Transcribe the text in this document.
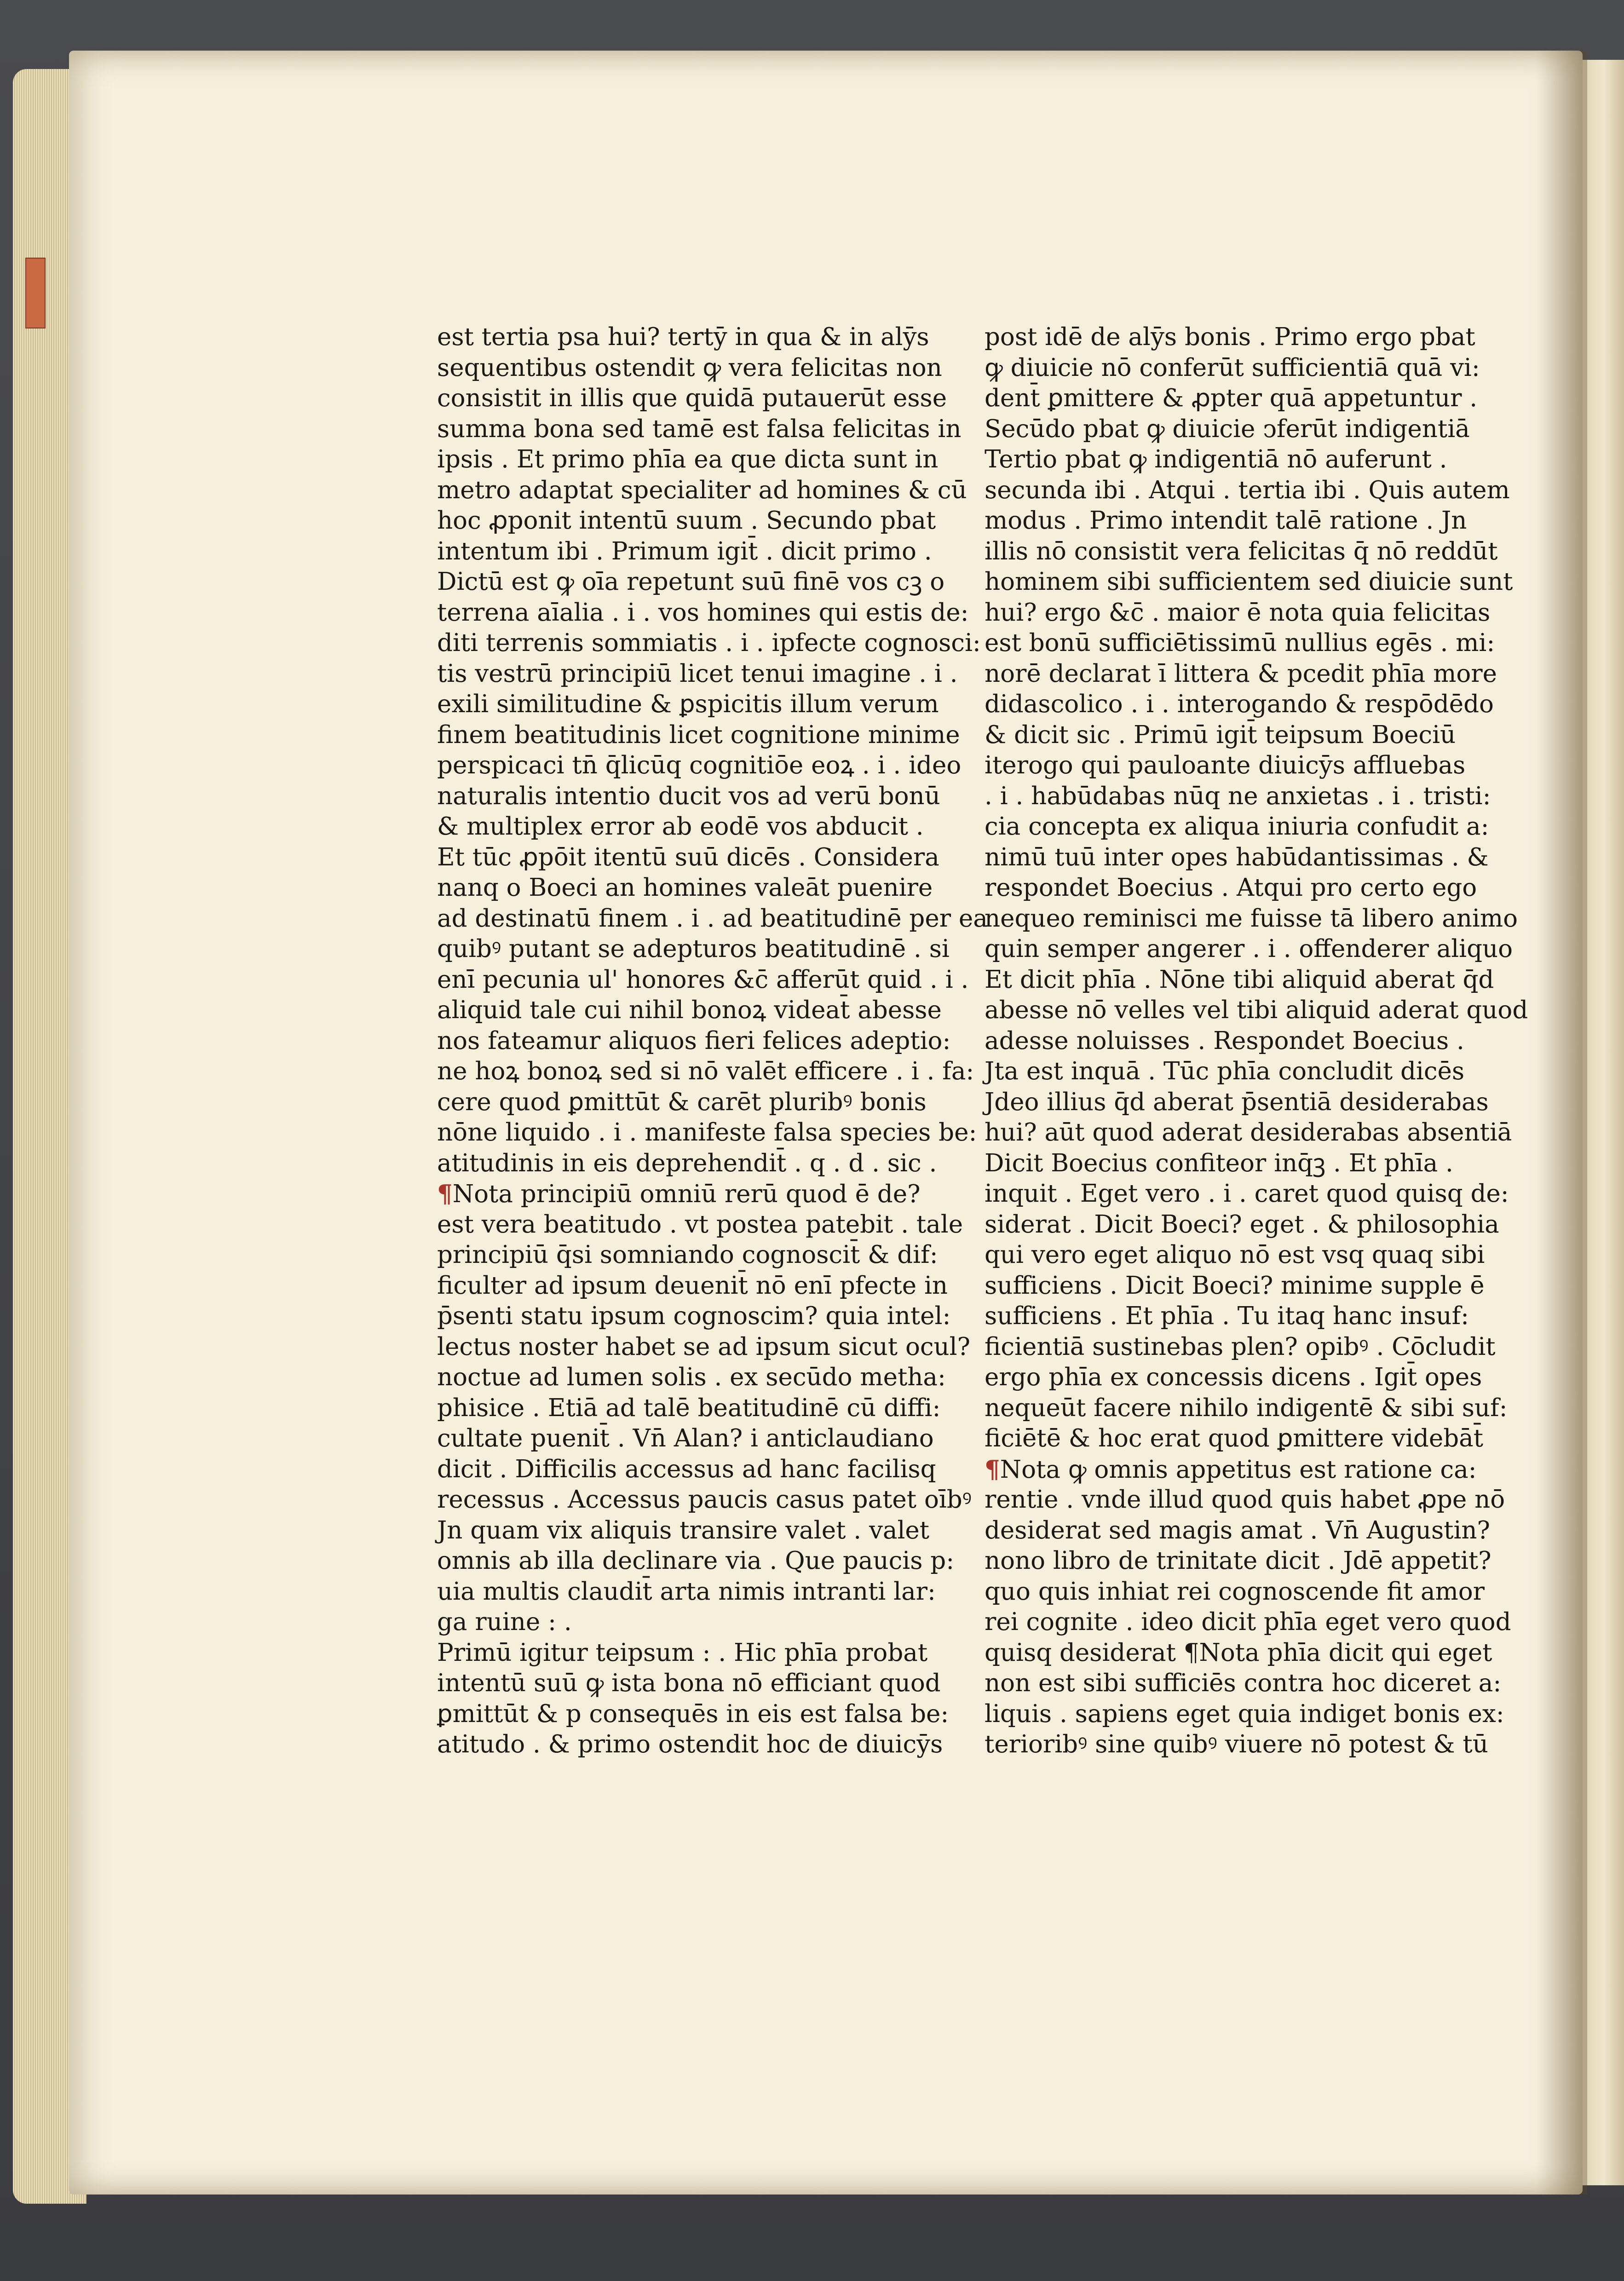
est tertia psa hui? tertȳ in qua & in alȳs
sequentibus ostendit ꝙ vera felicitas non
consistit in illis que quidā putauerūt esse
summa bona sed tamē est falsa felicitas in
ipsis . Et primo phīa ea que dicta sunt in
metro adaptat specialiter ad homines & cū
hoc ꝓponit intentū suum . Secundo pbat
intentum ibi . Primum igit̄ . dicit primo .
Dictū est ꝙ oīa repetunt suū finē vos cꝫ o
terrena aīalia . i . vos homines qui estis de:
diti terrenis sommiatis . i . ipfecte cognosci:
tis vestrū principiū licet tenui imagine . i .
exili similitudine & ꝑspicitis illum verum
finem beatitudinis licet cognitione minime
perspicaci tn̄ q̄licūq cognitiōe eoꝝ . i . ideo
naturalis intentio ducit vos ad verū bonū
& multiplex error ab eodē vos abducit .
Et tūc ꝓpōit itentū suū dicēs . Considera
nanq o Boeci an homines valeāt puenire
ad destinatū finem . i . ad beatitudinē per ea
quibꝰ putant se adepturos beatitudinē . si
enī pecunia ul' honores &c̄ afferūt quid . i .
aliquid tale cui nihil bonoꝝ videat̄ abesse
nos fateamur aliquos fieri felices adeptio:
ne hoꝝ bonoꝝ sed si nō valēt efficere . i . fa:
cere quod ꝑmittūt & carēt pluribꝰ bonis
nōne liquido . i . manifeste falsa species be:
atitudinis in eis deprehendit̄ . q . d . sic .
¶Nota principiū omniū rerū quod ē de?
est vera beatitudo . vt postea patebit . tale
principiū q̄si somniando cognoscit̄ & dif:
ficulter ad ipsum deuenit̄ nō enī pfecte in
p̄senti statu ipsum cognoscim? quia intel:
lectus noster habet se ad ipsum sicut ocul?
noctue ad lumen solis . ex secūdo metha:
phisice . Etiā ad talē beatitudinē cū diffi:
cultate puenit̄ . Vn̄ Alan? i anticlaudiano
dicit . Difficilis accessus ad hanc facilisq
recessus . Accessus paucis casus patet oībꝰ
Jn quam vix aliquis transire valet . valet
omnis ab illa declinare via . Que paucis p:
uia multis claudit̄ arta nimis intranti lar:
ga ruine : .
Primū igitur teipsum : . Hic phīa probat
intentū suū ꝙ ista bona nō efficiant quod
ꝑmittūt & p consequēs in eis est falsa be:
atitudo . & primo ostendit hoc de diuicȳs
post idē de alȳs bonis . Primo ergo pbat
ꝙ diuicie nō conferūt sufficientiā quā vi:
dent̄ ꝑmittere & ꝓpter quā appetuntur .
Secūdo pbat ꝙ diuicie ↄferūt indigentiā
Tertio pbat ꝙ indigentiā nō auferunt .
secunda ibi . Atqui . tertia ibi . Quis autem
modus . Primo intendit talē ratione . Jn
illis nō consistit vera felicitas q̄ nō reddūt
hominem sibi sufficientem sed diuicie sunt
hui? ergo &c̄ . maior ē nota quia felicitas
est bonū sufficiētissimū nullius egēs . mi:
norē declarat ī littera & pcedit phīa more
didascolico . i . interogando & respōdēdo
& dicit sic . Primū igit̄ teipsum Boeciū
iterogo qui pauloante diuicȳs affluebas
. i . habūdabas nūq ne anxietas . i . tristi:
cia concepta ex aliqua iniuria confudit a:
nimū tuū inter opes habūdantissimas . &
respondet Boecius . Atqui pro certo ego
nequeo reminisci me fuisse tā libero animo
quin semper angerer . i . offenderer aliquo
Et dicit phīa . Nōne tibi aliquid aberat q̄d
abesse nō velles vel tibi aliquid aderat quod
adesse noluisses . Respondet Boecius .
Jta est inquā . Tūc phīa concludit dicēs
Jdeo illius q̄d aberat p̄sentiā desiderabas
hui? aūt quod aderat desiderabas absentiā
Dicit Boecius confiteor inq̄ꝫ . Et phīa .
inquit . Eget vero . i . caret quod quisq de:
siderat . Dicit Boeci? eget . & philosophia
qui vero eget aliquo nō est vsq quaq sibi
sufficiens . Dicit Boeci? minime supple ē
sufficiens . Et phīa . Tu itaq hanc insuf:
ficientiā sustinebas plen? opibꝰ . Cōcludit
ergo phīa ex concessis dicens . Igit̄ opes
nequeūt facere nihilo indigentē & sibi suf:
ficiētē & hoc erat quod ꝑmittere videbāt̄
¶Nota ꝙ omnis appetitus est ratione ca:
rentie . vnde illud quod quis habet ꝓpe nō
desiderat sed magis amat . Vn̄ Augustin?
nono libro de trinitate dicit . Jdē appetit?
quo quis inhiat rei cognoscende fit amor
rei cognite . ideo dicit phīa eget vero quod
quisq desiderat ¶Nota phīa dicit qui eget
non est sibi sufficiēs contra hoc diceret a:
liquis . sapiens eget quia indiget bonis ex:
terioribꝰ sine quibꝰ viuere nō potest & tū
